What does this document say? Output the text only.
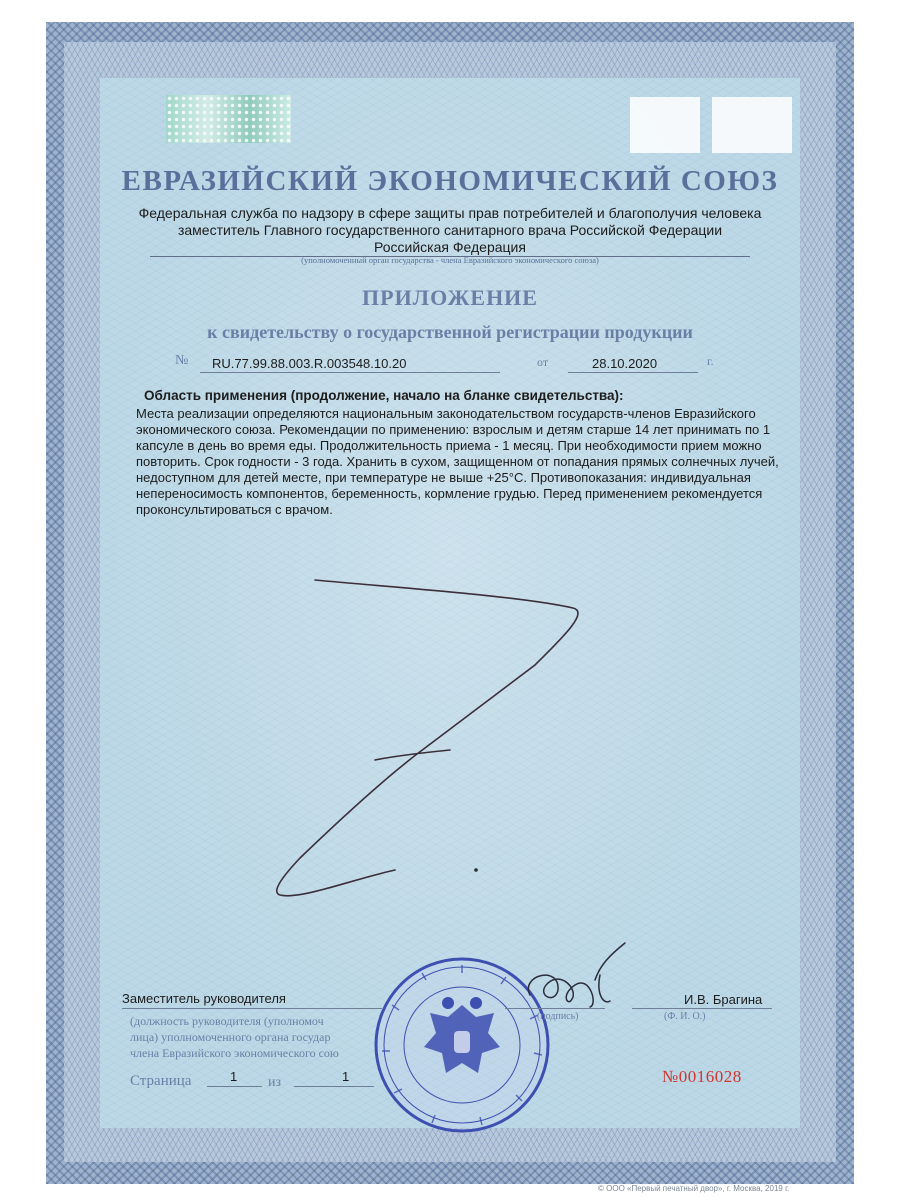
ЕВРАЗИЙСКИЙ ЭКОНОМИЧЕСКИЙ СОЮЗ
Федеральная служба по надзору в сфере защиты прав потребителей и благополучия человека
заместитель Главного государственного санитарного врача Российской Федерации
Российская Федерация
(уполномоченный орган государства - члена Евразийского экономического союза)
ПРИЛОЖЕНИЕ
к свидетельству о государственной регистрации продукции
№ RU.77.99.88.003.R.003548.10.20	от	28.10.2020	г.
Область применения (продолжение, начало на бланке свидетельства):

Места реализации определяются национальным законодательством государств-членов Евразийского экономического союза. Рекомендации по применению: взрослым и детям старше 14 лет принимать по 1 капсуле в день во время еды. Продолжительность приема - 1 месяц. При необходимости прием можно повторить. Срок годности - 3 года. Хранить в сухом, защищенном от попадания прямых солнечных лучей, недоступном для детей месте, при температуре не выше +25°C. Противопоказания: индивидуальная непереносимость компонентов, беременность, кормление грудью. Перед применением рекомендуется проконсультироваться с врачом.

Заместитель руководителя	И.В. Брагина
(должность руководителя (уполномоч
лица) уполномоченного органа государ
члена Евразийского экономического сою
(подпись)	(Ф. И. О.)
Страница	1 из	1	№0016028
© ООО «Первый печатный двор», г. Москва, 2019 г.
